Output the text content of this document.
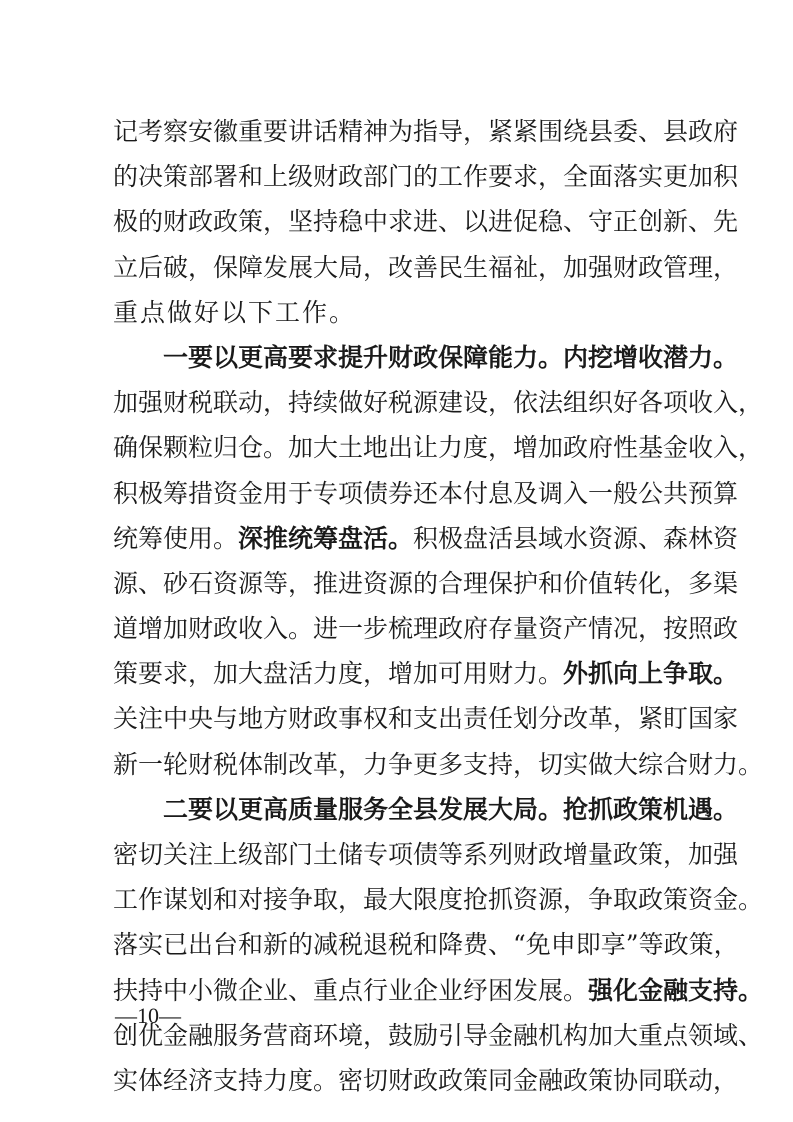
记考察安徽重要讲话精神为指导，紧紧围绕县委、县政府
的决策部署和上级财政部门的工作要求，全面落实更加积
极的财政政策，坚持稳中求进、以进促稳、守正创新、先
立后破，保障发展大局，改善民生福祉，加强财政管理，
重点做好以下工作。
一要以更高要求提升财政保障能力。内挖增收潜力。
加强财税联动，持续做好税源建设，依法组织好各项收入，
确保颗粒归仓。加大土地出让力度，增加政府性基金收入，
积极筹措资金用于专项债券还本付息及调入一般公共预算
统筹使用。深推统筹盘活。积极盘活县域水资源、森林资
源、砂石资源等，推进资源的合理保护和价值转化，多渠
道增加财政收入。进一步梳理政府存量资产情况，按照政
策要求，加大盘活力度，增加可用财力。外抓向上争取。
关注中央与地方财政事权和支出责任划分改革，紧盯国家
新一轮财税体制改革，力争更多支持，切实做大综合财力。
二要以更高质量服务全县发展大局。抢抓政策机遇。
密切关注上级部门土储专项债等系列财政增量政策，加强
工作谋划和对接争取，最大限度抢抓资源，争取政策资金。
落实已出台和新的减税退税和降费、“免申即享”等政策，
扶持中小微企业、重点行业企业纾困发展。强化金融支持。
创优金融服务营商环境，鼓励引导金融机构加大重点领域、
实体经济支持力度。密切财政政策同金融政策协同联动，
—10—
